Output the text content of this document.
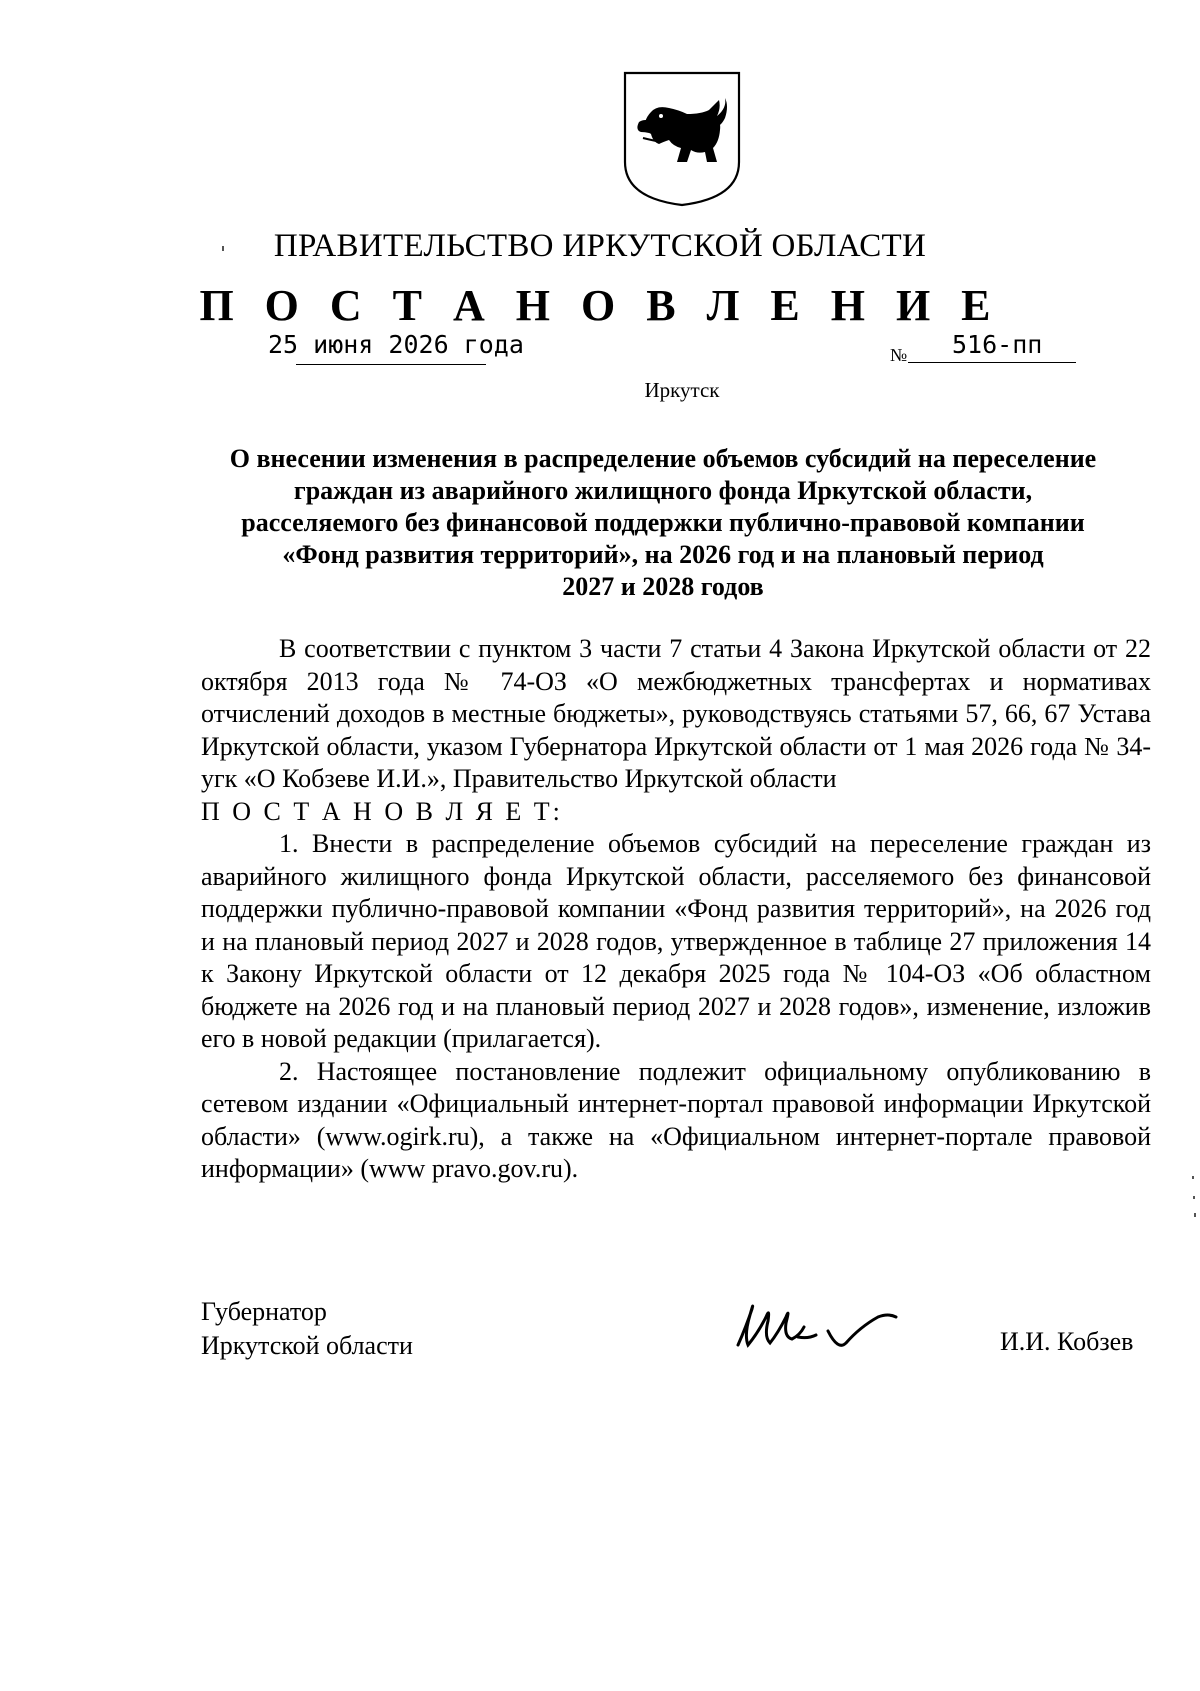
ПРАВИТЕЛЬСТВО ИРКУТСКОЙ ОБЛАСТИ
П О С Т А Н О В Л Е Н И Е
25 июня 2026 года	№ 516-пп
Иркутск
О внесении изменения в распределение объемов субсидий на переселение
граждан из аварийного жилищного фонда Иркутской области,
расселяемого без финансовой поддержки публично-правовой компании
«Фонд развития территорий», на 2026 год и на плановый период
2027 и 2028 годов

В соответствии с пунктом 3 части 7 статьи 4 Закона Иркутской области от 22 октября 2013 года № 74-ОЗ «О межбюджетных трансфертах и нормативах отчислений доходов в местные бюджеты», руководствуясь статьями 57, 66, 67 Устава Иркутской области, указом Губернатора Иркутской области от 1 мая 2026 года № 34-угк «О Кобзеве И.И.», Правительство Иркутской области

П О С Т А Н О В Л Я Е Т:

1. Внести в распределение объемов субсидий на переселение граждан из аварийного жилищного фонда Иркутской области, расселяемого без финансовой поддержки публично-правовой компании «Фонд развития территорий», на 2026 год и на плановый период 2027 и 2028 годов, утвержденное в таблице 27 приложения 14 к Закону Иркутской области от 12 декабря 2025 года № 104-ОЗ «Об областном бюджете на 2026 год и на плановый период 2027 и 2028 годов», изменение, изложив его в новой редакции (прилагается).

2. Настоящее постановление подлежит официальному опубликованию в сетевом издании «Официальный интернет-портал правовой информации Иркутской области» (www.ogirk.ru), а также на «Официальном интернет-портале правовой информации» (www pravo.gov.ru).

Губернатор
Иркутской области	И.И. Кобзев
